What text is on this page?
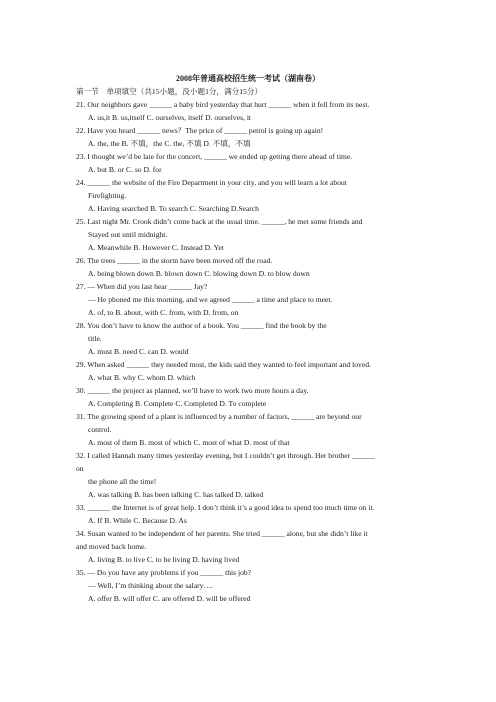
2008年普通高校招生统一考试（湖南卷）
第一节　单项填空（共15小题，没小题1分，满分15分）
21. Our neighbors gave ______ a baby bird yesterday that hurt ______ when it fell from its nest.
A. us,it B. us,itself C. ourselves, itself D. ourselves, it
22. Have you heard ______ news？The price of ______ petrol is going up again!
A. the, the B. 不填，the C. the, 不填 D. 不填，不填
23. I thought we’d be late for the concert, ______ we ended up getting there ahead of time.
A. but B. or C. so D. for
24. ______ the website of the Fire Department in your city, and you will learn a lot about
Firefighting.
A. Having searched B. To search C. Searching D.Search
25. Last night Mr. Crook didn’t come back at the usual time. ______, he met some friends and
Stayed out until midnight.
A. Meanwhile B. However C. Instead D. Yet
26. The trees ______ in the storm have been moved off the road.
A. being blown down B. blown down C. blowing down D. to blow down
27. — When did you last hear ______ Jay?
— He phoned me this morning, and we agreed ______ a time and place to meet.
A. of, to B. about, with C. from, with D. from, on
28. You don’t have to know the author of a book. You ______ find the book by the
title.
A. must B. need C. can D. would
29. When asked ______ they needed most, the kids said they wanted to feel important and loved.
A. what B. why C. whom D. which
30. ______ the project as planned, we’ll have to work two more hours a day.
A. Completing B. Complete C. Completed D. To complete
31. The growing speed of a plant is influenced by a number of factors, ______ are beyond our
control.
A. most of them B. most of which C. most of what D. most of that
32. I called Hannah many times yesterday evening, but I couldn’t get through. Her brother ______
on
the phone all the time!
A. was talking B. has been talking C. has talked D. talked
33. ______ the Internet is of great help. I don’t think it’s a good idea to spend too much time on it.
A. If B. While C. Because D. As
34. Susan wanted to be independent of her parents. She tried ______ alone, but she didn’t like it
and moved back home.
A. living B. to live C. to be living D. having lived
35. — Do you have any problems if you ______ this job?
— Well, I’m thinking about the salary….
A. offer B. will offer C. are offered D. will be offered
